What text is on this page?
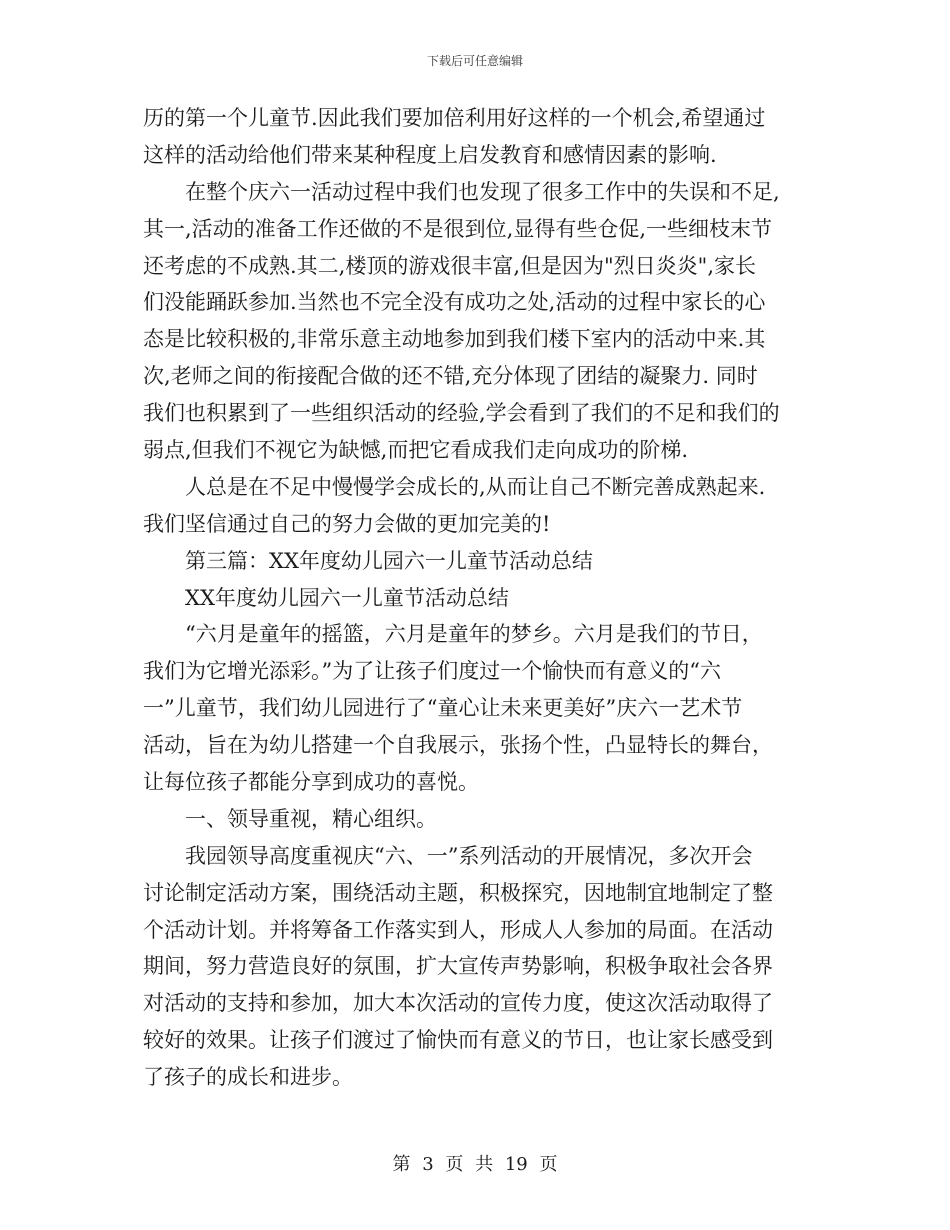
下载后可任意编辑
历的第一个儿童节.因此我们要加倍利用好这样的一个机会,希望通过
这样的活动给他们带来某种程度上启发教育和感情因素的影响.
在整个庆六一活动过程中我们也发现了很多工作中的失误和不足,
其一,活动的准备工作还做的不是很到位,显得有些仓促,一些细枝末节
还考虑的不成熟.其二,楼顶的游戏很丰富,但是因为"烈日炎炎",家长
们没能踊跃参加.当然也不完全没有成功之处,活动的过程中家长的心
态是比较积极的,非常乐意主动地参加到我们楼下室内的活动中来.其
次,老师之间的衔接配合做的还不错,充分体现了团结的凝聚力. 同时
我们也积累到了一些组织活动的经验,学会看到了我们的不足和我们的
弱点,但我们不视它为缺憾,而把它看成我们走向成功的阶梯.
人总是在不足中慢慢学会成长的,从而让自己不断完善成熟起来.
我们坚信通过自己的努力会做的更加完美的!
第三篇：XX年度幼儿园六一儿童节活动总结
XX年度幼儿园六一儿童节活动总结
“六月是童年的摇篮，六月是童年的梦乡。六月是我们的节日，
我们为它增光添彩。”为了让孩子们度过一个愉快而有意义的“六
一”儿童节，我们幼儿园进行了“童心让未来更美好”庆六一艺术节
活动，旨在为幼儿搭建一个自我展示，张扬个性，凸显特长的舞台，
让每位孩子都能分享到成功的喜悦。
一、领导重视，精心组织。
我园领导高度重视庆“六、一”系列活动的开展情况，多次开会
讨论制定活动方案，围绕活动主题，积极探究，因地制宜地制定了整
个活动计划。并将筹备工作落实到人，形成人人参加的局面。在活动
期间，努力营造良好的氛围，扩大宣传声势影响，积极争取社会各界
对活动的支持和参加，加大本次活动的宣传力度，使这次活动取得了
较好的效果。让孩子们渡过了愉快而有意义的节日，也让家长感受到
了孩子的成长和进步。
第 3 页 共 19 页
